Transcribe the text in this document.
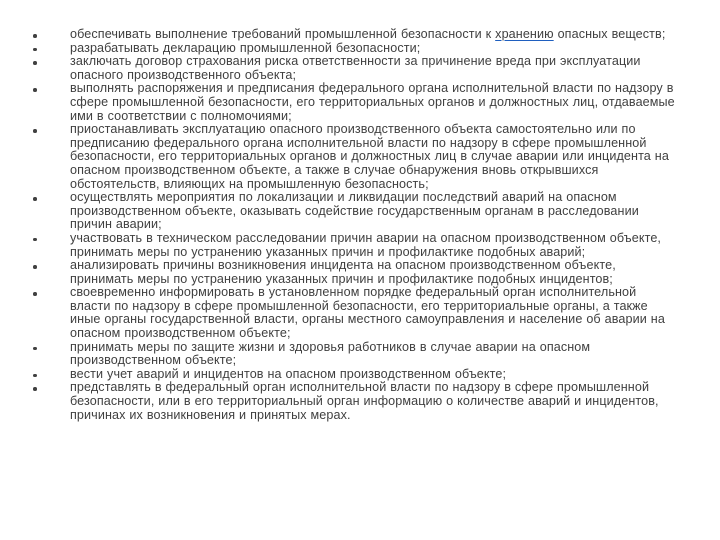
обеспечивать выполнение требований промышленной безопасности к хранению опасных веществ;
разрабатывать декларацию промышленной безопасности;
заключать договор страхования риска ответственности за причинение вреда при эксплуатации опасного производственного объекта;
выполнять распоряжения и предписания федерального органа исполнительной власти по надзору в сфере промышленной безопасности, его территориальных органов и должностных лиц, отдаваемые ими в соответствии с полномочиями;
приостанавливать эксплуатацию опасного производственного объекта самостоятельно или по предписанию федерального органа исполнительной власти по надзору в сфере промышленной безопасности, его территориальных органов и должностных лиц в случае аварии или инцидента на опасном производственном объекте, а также в случае обнаружения вновь открывшихся обстоятельств, влияющих на промышленную безопасность;
осуществлять мероприятия по локализации и ликвидации последствий аварий на опасном производственном объекте, оказывать содействие государственным органам в расследовании причин аварии;
участвовать в техническом расследовании причин аварии на опасном производственном объекте, принимать меры по устранению указанных причин и профилактике подобных аварий;
анализировать причины возникновения инцидента на опасном производственном объекте, принимать меры по устранению указанных причин и профилактике подобных инцидентов;
своевременно информировать в установленном порядке федеральный орган исполнительной власти по надзору в сфере промышленной безопасности, его территориальные органы, а также иные органы государственной власти, органы местного самоуправления и население об аварии на опасном производственном объекте;
принимать меры по защите жизни и здоровья работников в случае аварии на опасном производственном объекте;
вести учет аварий и инцидентов на опасном производственном объекте;
представлять в федеральный орган исполнительной власти по надзору в сфере промышленной безопасности, или в его территориальный орган информацию о количестве аварий и инцидентов, причинах их возникновения и принятых мерах.
